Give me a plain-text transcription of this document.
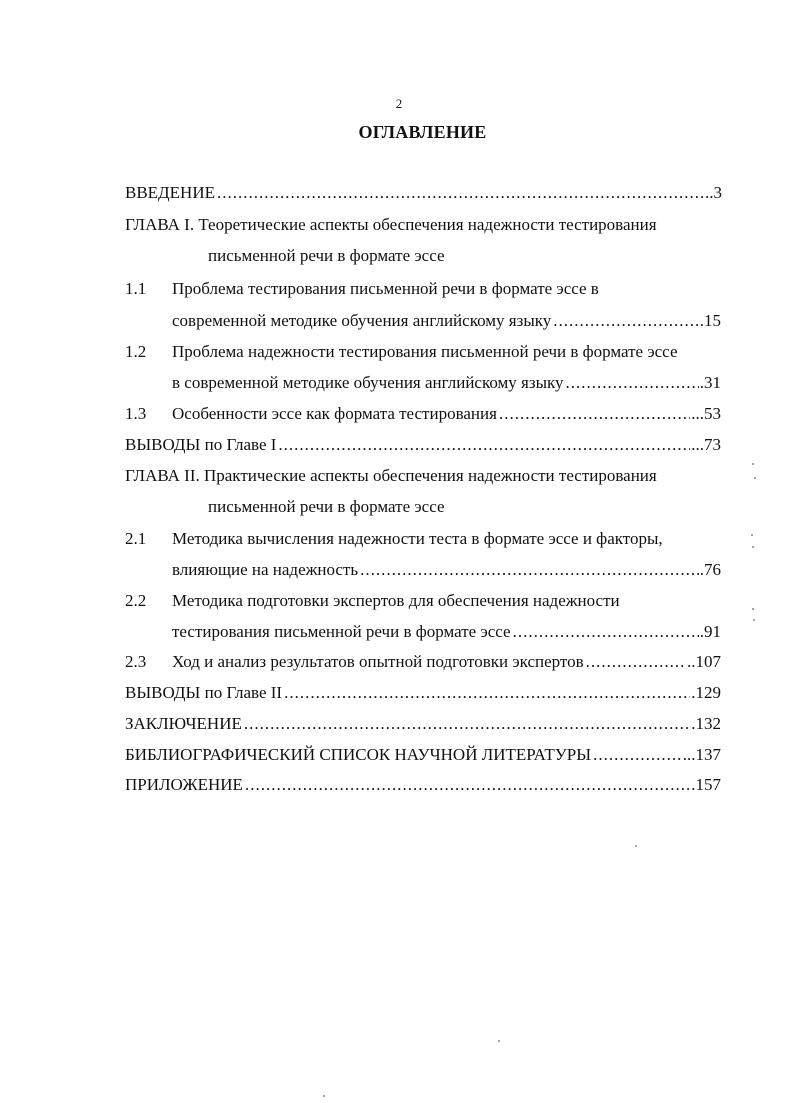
2
ОГЛАВЛЕНИЕ
ВВЕДЕНИЕ .....	..3
ГЛАВА I. Теоретические аспекты обеспечения надежности тестирования
письменной речи в формате эссе
1.1 Проблема тестирования письменной речи в формате эссе в
современной методике обучения английскому языку .....	.15
1.2 Проблема надежности тестирования письменной речи в формате эссе
в современной методике обучения английскому языку .....	.31
1.3 Особенности эссе как формата тестирования .....	...53
ВЫВОДЫ по Главе I .....	...73
ГЛАВА II. Практические аспекты обеспечения надежности тестирования
письменной речи в формате эссе
2.1 Методика вычисления надежности теста в формате эссе и факторы,
влияющие на надежность .....	.76
2.2 Методика подготовки экспертов для обеспечения надежности
тестирования письменной речи в формате эссе .....	.91
2.3 Ход и анализ результатов опытной подготовки экспертов .....	..107
ВЫВОДЫ по Главе II .....	.129
ЗАКЛЮЧЕНИЕ .....	.132
БИБЛИОГРАФИЧЕСКИЙ СПИСОК НАУЧНОЙ ЛИТЕРАТУРЫ .....	...137
ПРИЛОЖЕНИЕ .....	.157
